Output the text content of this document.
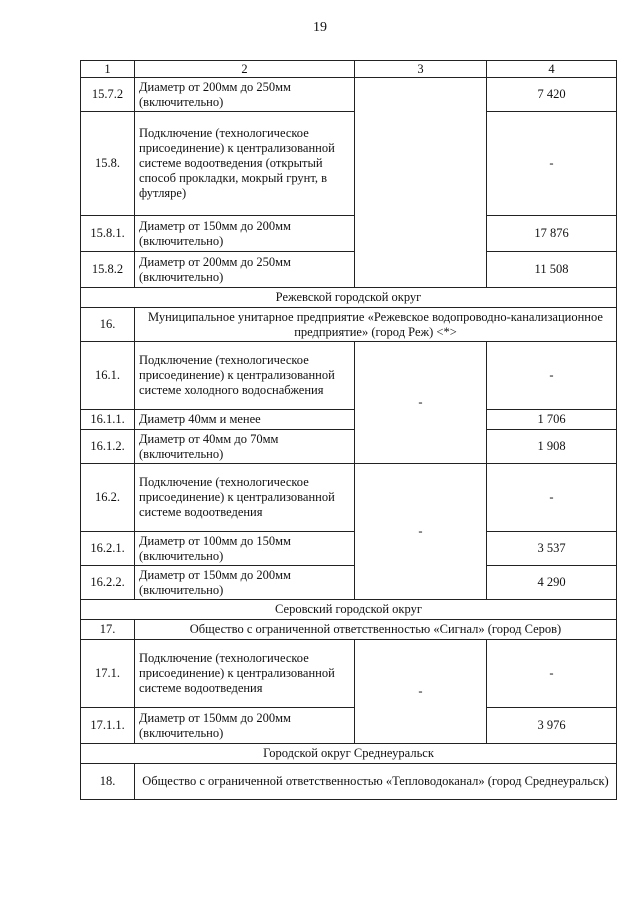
19
1	2	3	4
15.7.2	Диаметр от 200мм до 250мм (включительно)		7 420
15.8.	Подключение (технологическое присоединение) к централизованной системе водоотведения (открытый способ прокладки, мокрый грунт, в футляре)		-
15.8.1.	Диаметр от 150мм до 200мм (включительно)		17 876
15.8.2	Диаметр от 200мм до 250мм (включительно)		11 508
Режевской городской округ			
16.	Муниципальное унитарное предприятие «Режевское водопроводно-канализационное предприятие» (город Реж) <*>		
16.1.	Подключение (технологическое присоединение) к централизованной системе холодного водоснабжения	-	-
16.1.1.	Диаметр 40мм и менее		1 706
16.1.2.	Диаметр от 40мм до 70мм (включительно)		1 908
16.2.	Подключение (технологическое присоединение) к централизованной системе водоотведения	-	-
16.2.1.	Диаметр от 100мм до 150мм (включительно)		3 537
16.2.2.	Диаметр от 150мм до 200мм (включительно)		4 290
Серовский городской округ			
17.	Общество с ограниченной ответственностью «Сигнал» (город Серов)		
17.1.	Подключение (технологическое присоединение) к централизованной системе водоотведения	-	-
17.1.1.	Диаметр от 150мм до 200мм (включительно)		3 976
Городской округ Среднеуральск			
18.	Общество с ограниченной ответственностью «Тепловодоканал» (город Среднеуральск)		
